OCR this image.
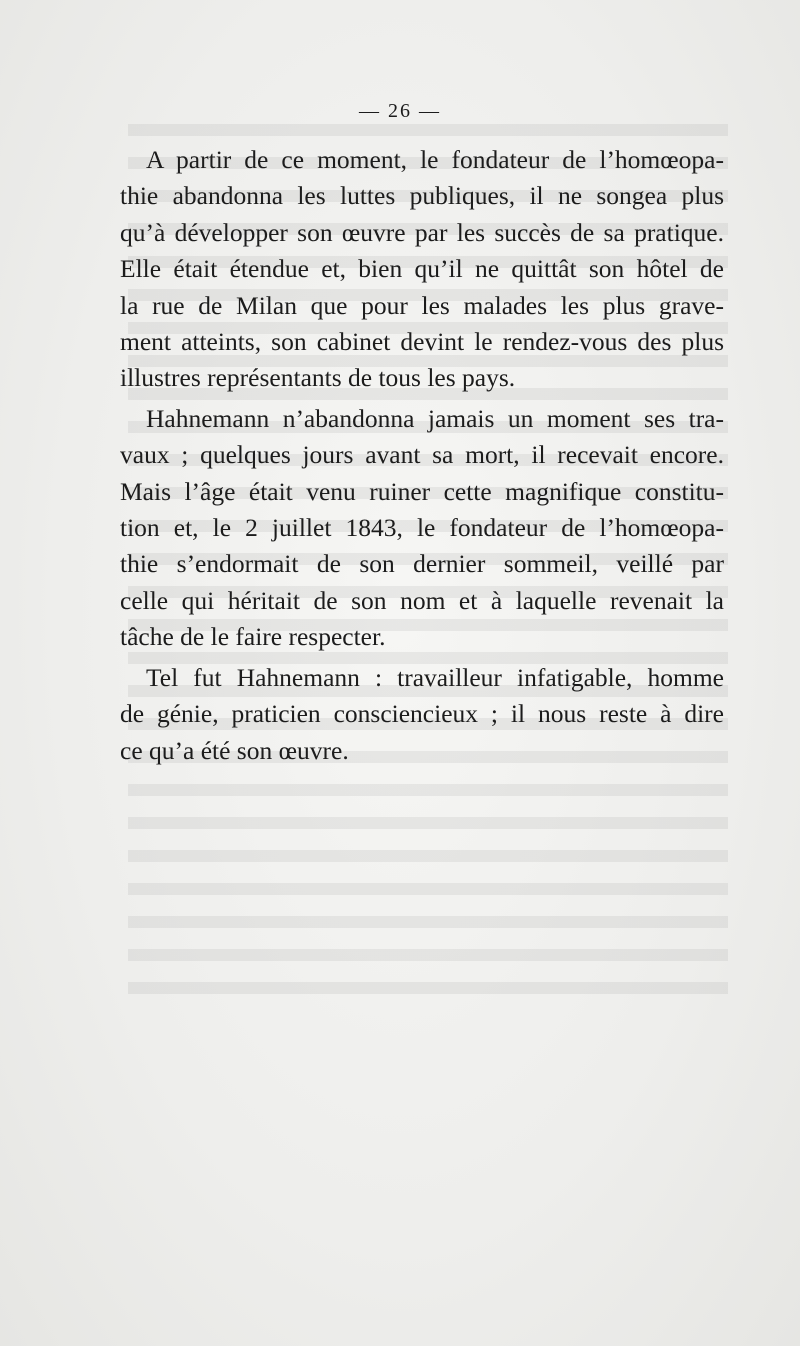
— 26 —

A partir de ce moment, le fondateur de l’homœopa-
thie abandonna les luttes publiques, il ne songea plus
qu’à développer son œuvre par les succès de sa pratique.
Elle était étendue et, bien qu’il ne quittât son hôtel de
la rue de Milan que pour les malades les plus grave-
ment atteints, son cabinet devint le rendez-vous des plus
illustres représentants de tous les pays.

Hahnemann n’abandonna jamais un moment ses tra-
vaux ; quelques jours avant sa mort, il recevait encore.
Mais l’âge était venu ruiner cette magnifique constitu-
tion et, le 2 juillet 1843, le fondateur de l’homœopa-
thie s’endormait de son dernier sommeil, veillé par
celle qui héritait de son nom et à laquelle revenait la
tâche de le faire respecter.

Tel fut Hahnemann : travailleur infatigable, homme
de génie, praticien consciencieux ; il nous reste à dire
ce qu’a été son œuvre.
